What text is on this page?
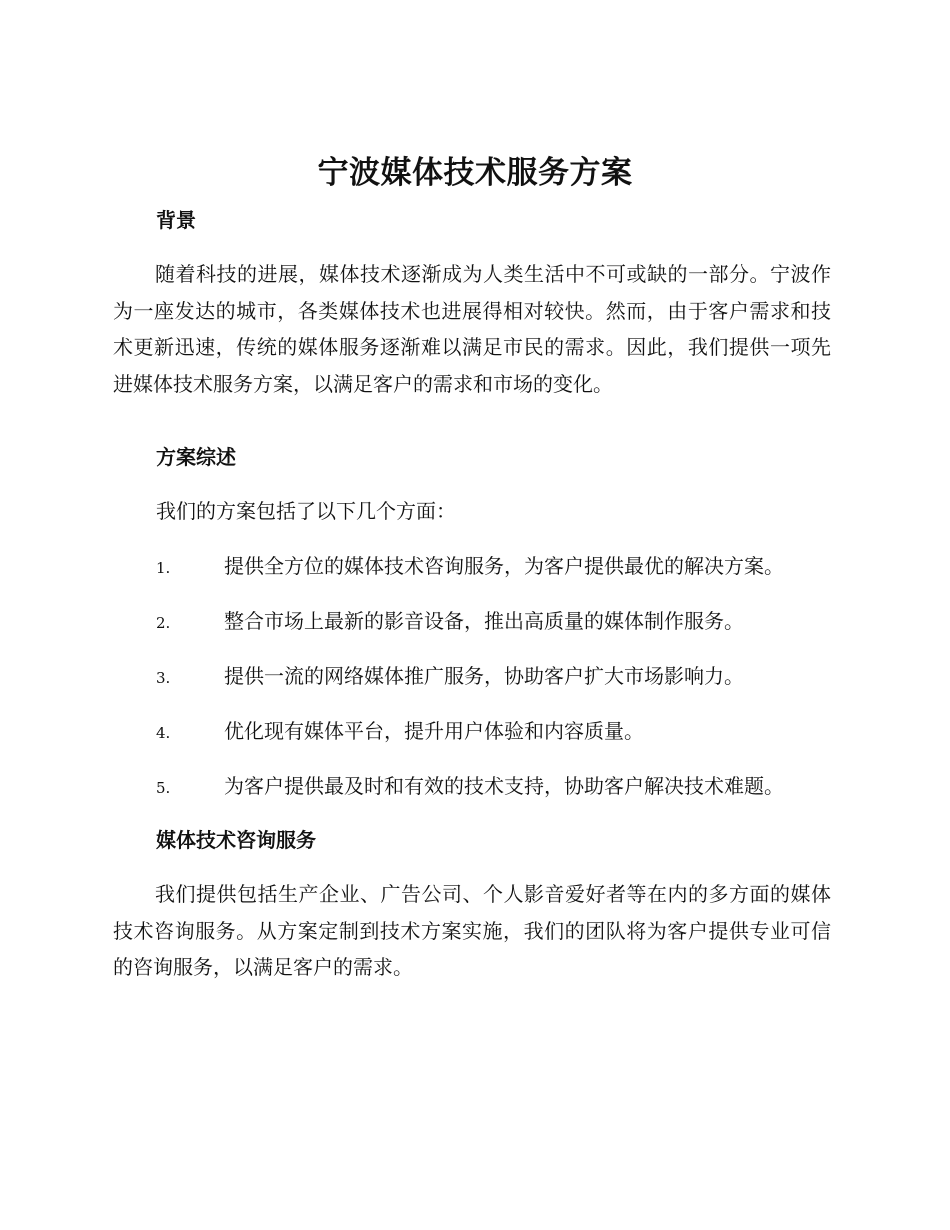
宁波媒体技术服务方案
背景

随着科技的进展，媒体技术逐渐成为人类生活中不可或缺的一部分。宁波作为一座发达的城市，各类媒体技术也进展得相对较快。然而，由于客户需求和技术更新迅速，传统的媒体服务逐渐难以满足市民的需求。因此，我们提供一项先进媒体技术服务方案，以满足客户的需求和市场的变化。

方案综述
我们的方案包括了以下几个方面：
1.	提供全方位的媒体技术咨询服务，为客户提供最优的解决方案。
2.	整合市场上最新的影音设备，推出高质量的媒体制作服务。
3.	提供一流的网络媒体推广服务，协助客户扩大市场影响力。
4.	优化现有媒体平台，提升用户体验和内容质量。
5.	为客户提供最及时和有效的技术支持，协助客户解决技术难题。
媒体技术咨询服务

我们提供包括生产企业、广告公司、个人影音爱好者等在内的多方面的媒体技术咨询服务。从方案定制到技术方案实施，我们的团队将为客户提供专业可信的咨询服务，以满足客户的需求。
